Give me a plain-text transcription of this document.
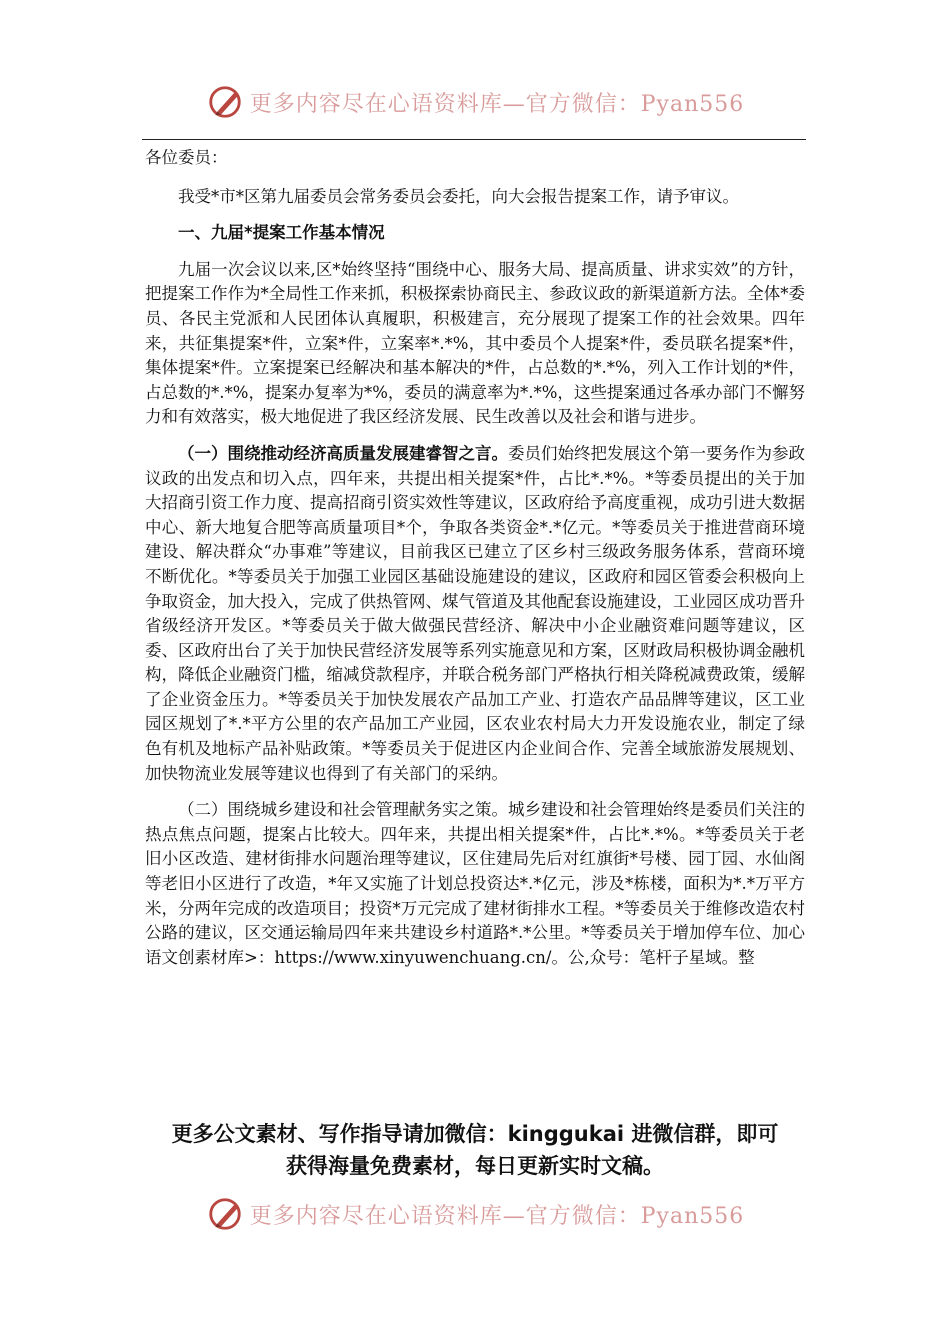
更多内容尽在心语资料库—官方微信：Pyan556

各位委员：

我受*市*区第九届委员会常务委员会委托，向大会报告提案工作，请予审议。

一、九届*提案工作基本情况

九届一次会议以来,区*始终坚持“围绕中心、服务大局、提高质量、讲求实效”的方针，把提案工作作为*全局性工作来抓，积极探索协商民主、参政议政的新渠道新方法。全体*委员、各民主党派和人民团体认真履职，积极建言，充分展现了提案工作的社会效果。四年来，共征集提案*件，立案*件，立案率*.*%，其中委员个人提案*件，委员联名提案*件，集体提案*件。立案提案已经解决和基本解决的*件，占总数的*.*%，列入工作计划的*件，占总数的*.*%，提案办复率为*%，委员的满意率为*.*%，这些提案通过各承办部门不懈努力和有效落实，极大地促进了我区经济发展、民生改善以及社会和谐与进步。

（一）围绕推动经济高质量发展建睿智之言。委员们始终把发展这个第一要务作为参政议政的出发点和切入点，四年来，共提出相关提案*件，占比*.*%。*等委员提出的关于加大招商引资工作力度、提高招商引资实效性等建议，区政府给予高度重视，成功引进大数据中心、新大地复合肥等高质量项目*个，争取各类资金*.*亿元。*等委员关于推进营商环境建设、解决群众“办事难”等建议，目前我区已建立了区乡村三级政务服务体系，营商环境不断优化。*等委员关于加强工业园区基础设施建设的建议，区政府和园区管委会积极向上争取资金，加大投入，完成了供热管网、煤气管道及其他配套设施建设，工业园区成功晋升省级经济开发区。*等委员关于做大做强民营经济、解决中小企业融资难问题等建议，区委、区政府出台了关于加快民营经济发展等系列实施意见和方案，区财政局积极协调金融机构，降低企业融资门槛，缩减贷款程序，并联合税务部门严格执行相关降税减费政策，缓解了企业资金压力。*等委员关于加快发展农产品加工产业、打造农产品品牌等建议，区工业园区规划了*.*平方公里的农产品加工产业园，区农业农村局大力开发设施农业，制定了绿色有机及地标产品补贴政策。*等委员关于促进区内企业间合作、完善全域旅游发展规划、加快物流业发展等建议也得到了有关部门的采纳。

（二）围绕城乡建设和社会管理献务实之策。城乡建设和社会管理始终是委员们关注的热点焦点问题，提案占比较大。四年来，共提出相关提案*件，占比*.*%。*等委员关于老旧小区改造、建材街排水问题治理等建议，区住建局先后对红旗街*号楼、园丁园、水仙阁等老旧小区进行了改造，*年又实施了计划总投资达*.*亿元，涉及*栋楼，面积为*.*万平方米，分两年完成的改造项目；投资*万元完成了建材街排水工程。*等委员关于维修改造农村公路的建议，区交通运输局四年来共建设乡村道路*.*公里。*等委员关于增加停车位、加心语文创素材库>：https://www.xinyuwenchuang.cn/。公,众号：笔杆子星域。整

更多公文素材、写作指导请加微信：kinggukai 进微信群，即可
获得海量免费素材，每日更新实时文稿。
更多内容尽在心语资料库—官方微信：Pyan556
